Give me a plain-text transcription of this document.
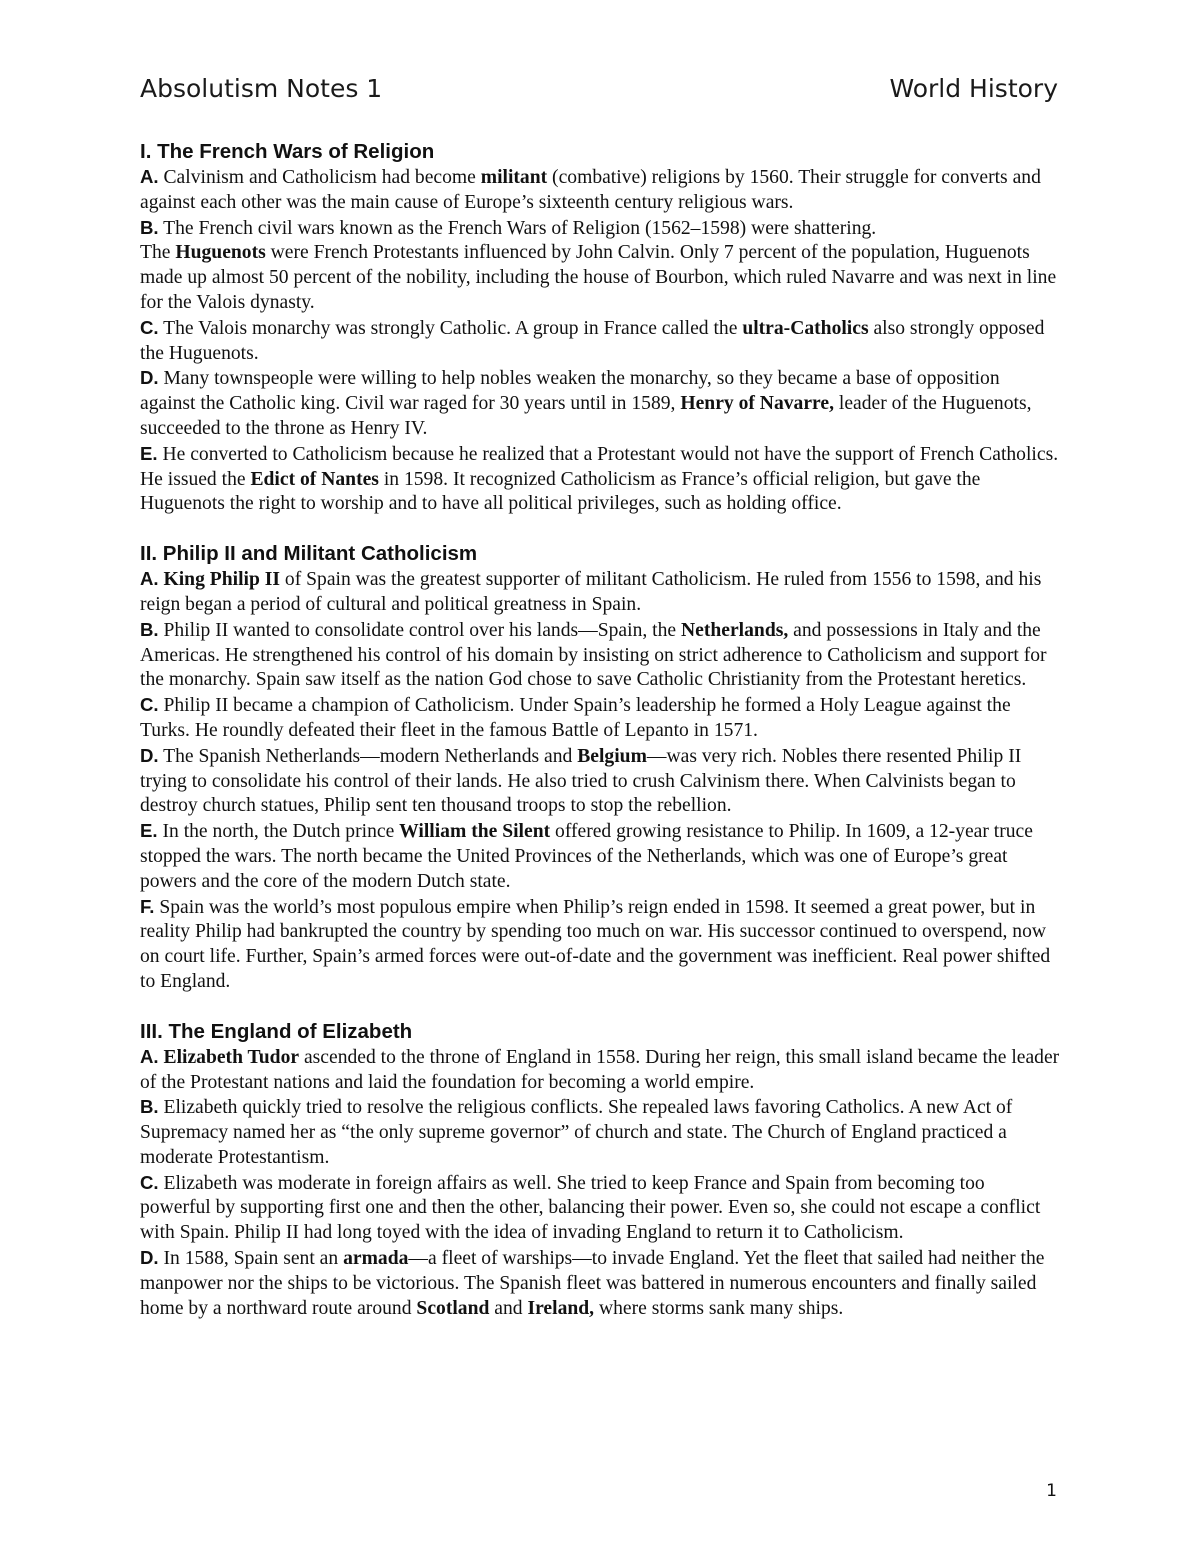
Absolutism Notes 1	World History
I. The French Wars of Religion

A. Calvinism and Catholicism had become militant (combative) religions by 1560. Their struggle for converts and against each other was the main cause of Europe’s sixteenth century religious wars.

B. The French civil wars known as the French Wars of Religion (1562–1598) were shattering.

The Huguenots were French Protestants influenced by John Calvin. Only 7 percent of the population, Huguenots made up almost 50 percent of the nobility, including the house of Bourbon, which ruled Navarre and was next in line for the Valois dynasty.

C. The Valois monarchy was strongly Catholic. A group in France called the ultra-Catholics also strongly opposed the Huguenots.

D. Many townspeople were willing to help nobles weaken the monarchy, so they became a base of opposition against the Catholic king. Civil war raged for 30 years until in 1589, Henry of Navarre, leader of the Huguenots, succeeded to the throne as Henry IV.

E. He converted to Catholicism because he realized that a Protestant would not have the support of French Catholics. He issued the Edict of Nantes in 1598. It recognized Catholicism as France’s official religion, but gave the Huguenots the right to worship and to have all political privileges, such as holding office.

II. Philip II and Militant Catholicism

A. King Philip II of Spain was the greatest supporter of militant Catholicism. He ruled from 1556 to 1598, and his reign began a period of cultural and political greatness in Spain.

B. Philip II wanted to consolidate control over his lands—Spain, the Netherlands, and possessions in Italy and the Americas. He strengthened his control of his domain by insisting on strict adherence to Catholicism and support for the monarchy. Spain saw itself as the nation God chose to save Catholic Christianity from the Protestant heretics.

C. Philip II became a champion of Catholicism. Under Spain’s leadership he formed a Holy League against the Turks. He roundly defeated their fleet in the famous Battle of Lepanto in 1571.

D. The Spanish Netherlands—modern Netherlands and Belgium—was very rich. Nobles there resented Philip II trying to consolidate his control of their lands. He also tried to crush Calvinism there. When Calvinists began to destroy church statues, Philip sent ten thousand troops to stop the rebellion.

E. In the north, the Dutch prince William the Silent offered growing resistance to Philip. In 1609, a 12-year truce stopped the wars. The north became the United Provinces of the Netherlands, which was one of Europe’s great powers and the core of the modern Dutch state.

F. Spain was the world’s most populous empire when Philip’s reign ended in 1598. It seemed a great power, but in reality Philip had bankrupted the country by spending too much on war. His successor continued to overspend, now on court life. Further, Spain’s armed forces were out-of-date and the government was inefficient. Real power shifted to England.

III. The England of Elizabeth

A. Elizabeth Tudor ascended to the throne of England in 1558. During her reign, this small island became the leader of the Protestant nations and laid the foundation for becoming a world empire.

B. Elizabeth quickly tried to resolve the religious conflicts. She repealed laws favoring Catholics. A new Act of Supremacy named her as “the only supreme governor” of church and state. The Church of England practiced a moderate Protestantism.

C. Elizabeth was moderate in foreign affairs as well. She tried to keep France and Spain from becoming too powerful by supporting first one and then the other, balancing their power. Even so, she could not escape a conflict with Spain. Philip II had long toyed with the idea of invading England to return it to Catholicism.

D. In 1588, Spain sent an armada—a fleet of warships—to invade England. Yet the fleet that sailed had neither the manpower nor the ships to be victorious. The Spanish fleet was battered in numerous encounters and finally sailed home by a northward route around Scotland and Ireland, where storms sank many ships.

1
